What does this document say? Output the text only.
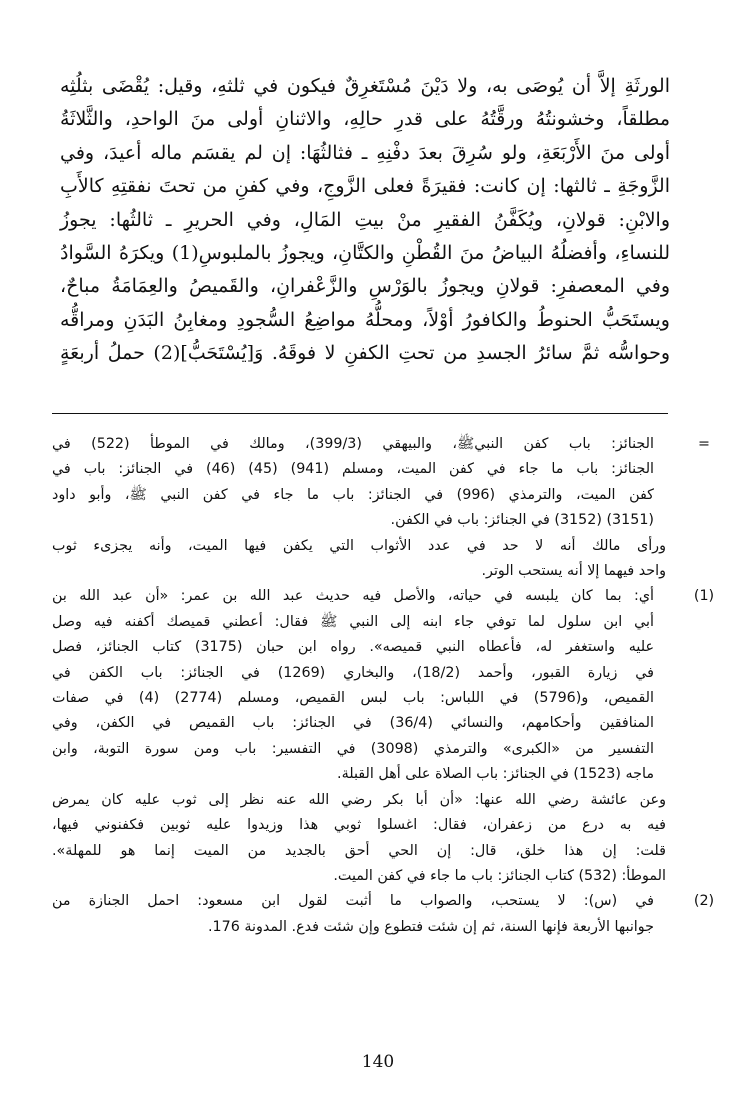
الورثَةِ إلاَّ أن يُوصَى به، ولا دَيْنَ مُسْتَغرِقٌ فيكون في ثلثهِ، وقيل: يُقْضَى بثلُثِه
مطلقاً، وخشونتُهُ ورقَّتُهُ على قدرِ حالِهِ، والاثنانِ أولى منَ الواحدِ، والثَّلاثَةُ
أولى منَ الأَرْبَعَةِ، ولو سُرِقَ بعدَ دفْنِهِ ـ فثالثُهَا: إن لم يقسَم ماله أعيدَ، وفي
الزَّوجَةِ ـ ثالثها: إن كانت: فقيرَةً فعلى الزَّوجِ، وفي كفنِ من تحتَ نفقتِهِ كالأَبِ
والابْنِ: قولانِ، ويُكَفَّنُ الفقيرِ منْ بيتِ المَالِ، وفي الحريرِ ـ ثالثُها: يجوزُ
للنساءِ، وأفضلُهُ البياضُ منَ القُطْنِ والكتَّانِ، ويجوزُ بالملبوسِ(1) ويكرَهُ السَّوادُ
وفي المعصفرِ: قولانِ ويجوزُ بالوَرْسِ والزَّعْفرانِ، والقَميصُ والعِمَامَةُ مباحٌ،
ويستَحَبُّ الحنوطُ والكافورُ أوْلاً، ومحلُّهُ مواضِعُ السُّجودِ ومغابِنُ البَدَنِ ومراقُّه
وحواسُّه ثمَّ سائرُ الجسدِ من تحتِ الكفنِ لا فوقَهُ. وَ[يُسْتَحَبُّ](2) حملُ أربعَةٍ
=
الجنائز: باب كفن النبيﷺ، والبيهقي (399/3)، ومالك في الموطأ (522) في
الجنائز: باب ما جاء في كفن الميت، ومسلم (941) (45) (46) في الجنائز: باب في
كفن الميت، والترمذي (996) في الجنائز: باب ما جاء في كفن النبي ﷺ، وأبو داود
(3151) (3152) في الجنائز: باب في الكفن.
ورأى مالك أنه لا حد في عدد الأثواب التي يكفن فيها الميت، وأنه يجزىء ثوب
واحد فيهما إلا أنه يستحب الوتر.
(1)
أي: بما كان يلبسه في حياته، والأصل فيه حديث عبد الله بن عمر: «أن عبد الله بن
أبي ابن سلول لما توفي جاء ابنه إلى النبي ﷺ فقال: أعطني قميصك أكفنه فيه وصل
عليه واستغفر له، فأعطاه النبي قميصه». رواه ابن حبان (3175) كتاب الجنائز، فصل
في زيارة القبور، وأحمد (18/2)، والبخاري (1269) في الجنائز: باب الكفن في
القميص، و(5796) في اللباس: باب لبس القميص، ومسلم (2774) (4) في صفات
المنافقين وأحكامهم، والنسائي (36/4) في الجنائز: باب القميص في الكفن، وفي
التفسير من «الكبرى» والترمذي (3098) في التفسير: باب ومن سورة التوبة، وابن
ماجه (1523) في الجنائز: باب الصلاة على أهل القبلة.
وعن عائشة رضي الله عنها: «أن أبا بكر رضي الله عنه نظر إلى ثوب عليه كان يمرض
فيه به درع من زعفران، فقال: اغسلوا ثوبي هذا وزيدوا عليه ثوبين فكفنوني فيها،
قلت: إن هذا خلق، قال: إن الحي أحق بالجديد من الميت إنما هو للمهلة».
الموطأ: (532) كتاب الجنائز: باب ما جاء في كفن الميت.
(2)
في (س): لا يستحب، والصواب ما أثبت لقول ابن مسعود: احمل الجنازة من
جوانبها الأربعة فإنها السنة، ثم إن شئت فتطوع وإن شئت فدع. المدونة 176.
140
